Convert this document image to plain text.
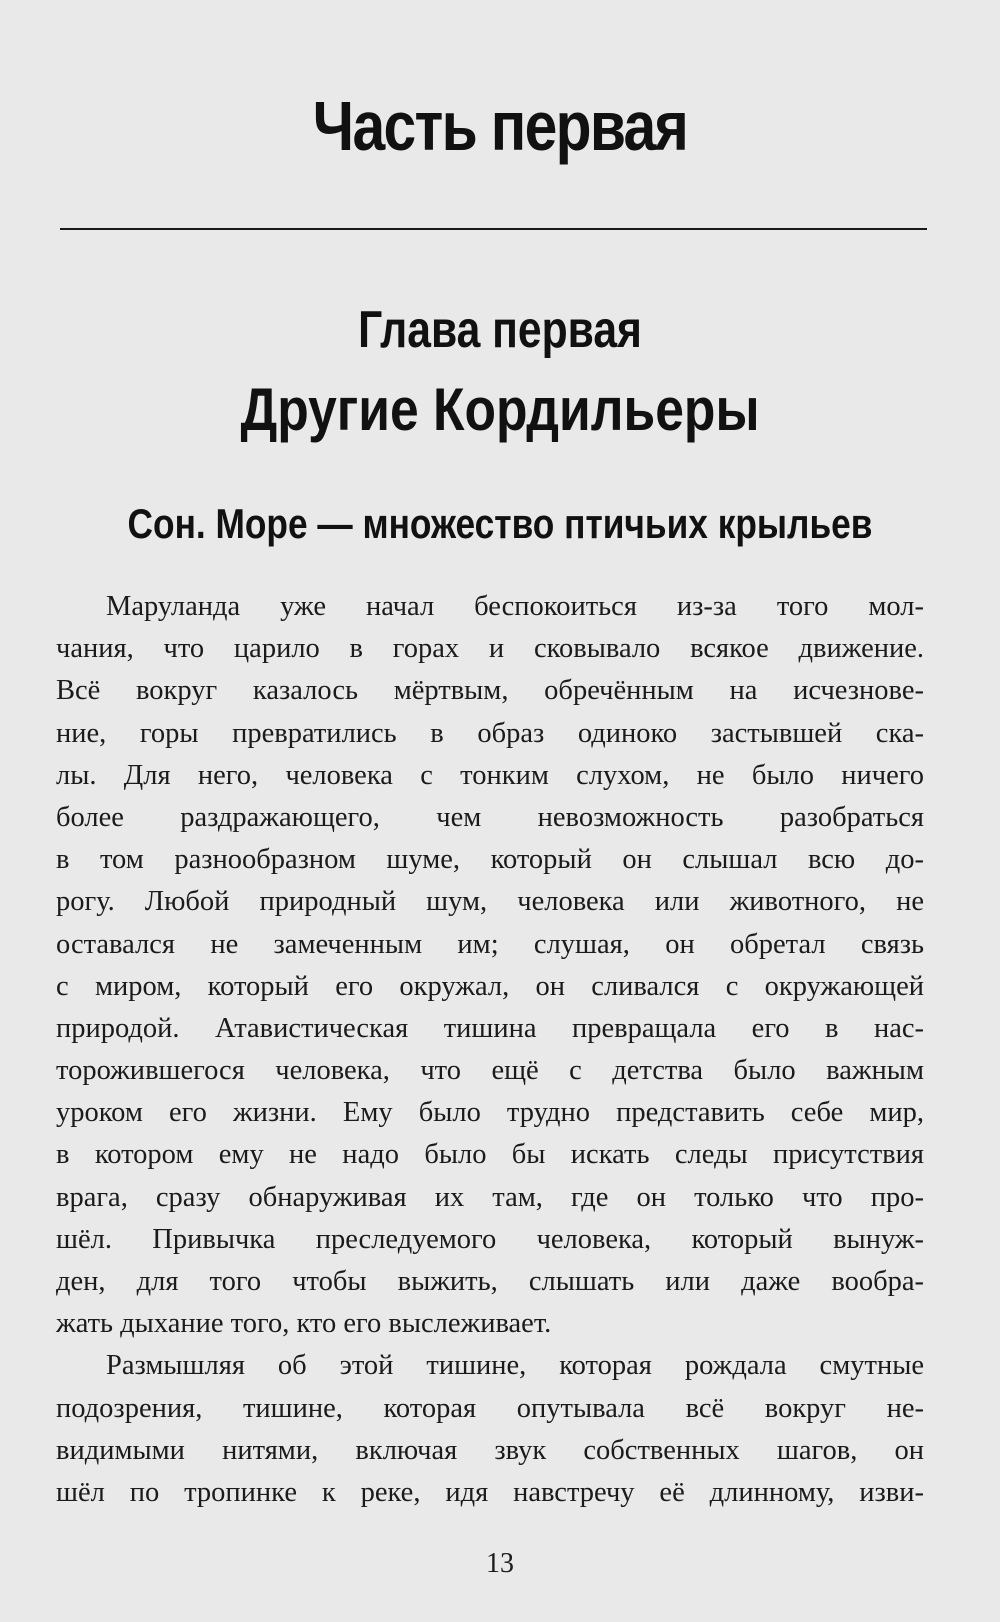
Часть первая
Глава первая
Другие Кордильеры
Сон. Море — множество птичьих крыльев
Маруланда уже начал беспокоиться из-за того мол-
чания, что царило в горах и сковывало всякое движение.
Всё вокруг казалось мёртвым, обречённым на исчезнове-
ние, горы превратились в образ одиноко застывшей ска-
лы. Для него, человека с тонким слухом, не было ничего
более раздражающего, чем невозможность разобраться
в том разнообразном шуме, который он слышал всю до-
рогу. Любой природный шум, человека или животного, не
оставался не замеченным им; слушая, он обретал связь
с миром, который его окружал, он сливался с окружающей
природой. Атавистическая тишина превращала его в нас-
торожившегося человека, что ещё с детства было важным
уроком его жизни. Ему было трудно представить себе мир,
в котором ему не надо было бы искать следы присутствия
врага, сразу обнаруживая их там, где он только что про-
шёл. Привычка преследуемого человека, который вынуж-
ден, для того чтобы выжить, слышать или даже вообра-
жать дыхание того, кто его выслеживает.
Размышляя об этой тишине, которая рождала смутные
подозрения, тишине, которая опутывала всё вокруг не-
видимыми нитями, включая звук собственных шагов, он
шёл по тропинке к реке, идя навстречу её длинному, изви-
13
